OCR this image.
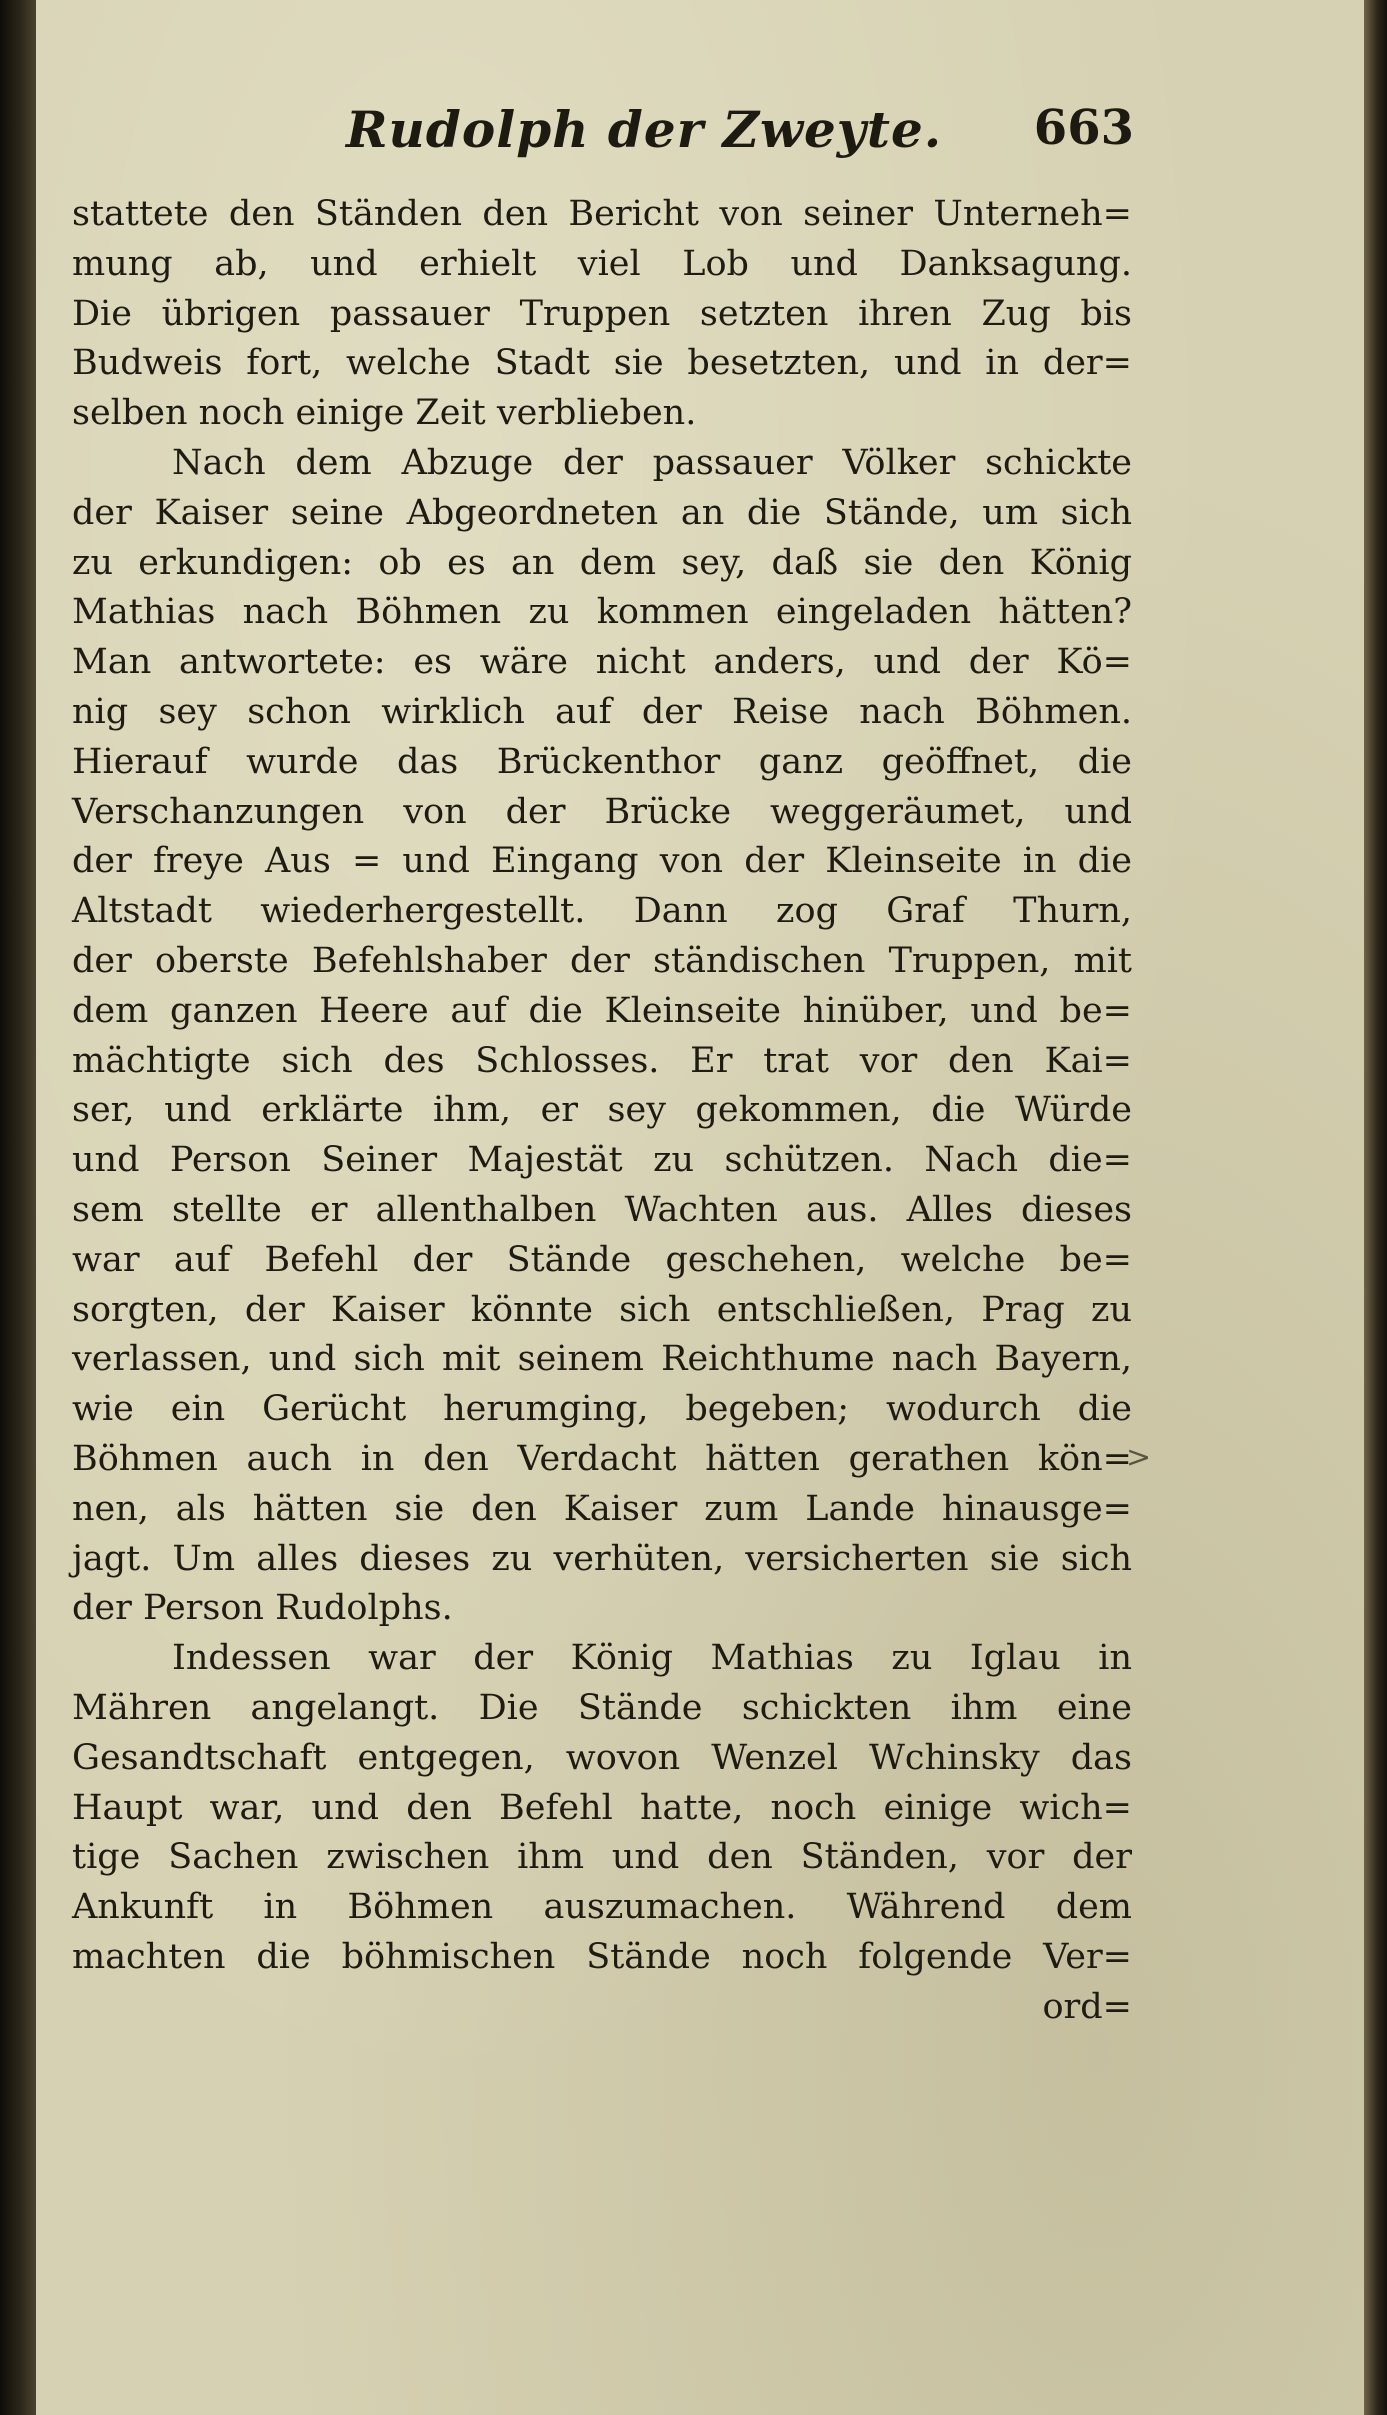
Rudolph der Zweyte. 663
stattete den Ständen den Bericht von seiner Unterneh=
mung ab, und erhielt viel Lob und Danksagung.
Die übrigen passauer Truppen setzten ihren Zug bis
Budweis fort, welche Stadt sie besetzten, und in der=
selben noch einige Zeit verblieben.
Nach dem Abzuge der passauer Völker schickte
der Kaiser seine Abgeordneten an die Stände, um sich
zu erkundigen: ob es an dem sey, daß sie den König
Mathias nach Böhmen zu kommen eingeladen hätten?
Man antwortete: es wäre nicht anders, und der Kö=
nig sey schon wirklich auf der Reise nach Böhmen.
Hierauf wurde das Brückenthor ganz geöffnet, die
Verschanzungen von der Brücke weggeräumet, und
der freye Aus = und Eingang von der Kleinseite in die
Altstadt wiederhergestellt. Dann zog Graf Thurn,
der oberste Befehlshaber der ständischen Truppen, mit
dem ganzen Heere auf die Kleinseite hinüber, und be=
mächtigte sich des Schlosses. Er trat vor den Kai=
ser, und erklärte ihm, er sey gekommen, die Würde
und Person Seiner Majestät zu schützen. Nach die=
sem stellte er allenthalben Wachten aus. Alles dieses
war auf Befehl der Stände geschehen, welche be=
sorgten, der Kaiser könnte sich entschließen, Prag zu
verlassen, und sich mit seinem Reichthume nach Bayern,
wie ein Gerücht herumging, begeben; wodurch die
Böhmen auch in den Verdacht hätten gerathen kön=
nen, als hätten sie den Kaiser zum Lande hinausge=
jagt. Um alles dieses zu verhüten, versicherten sie sich
der Person Rudolphs.
Indessen war der König Mathias zu Iglau in
Mähren angelangt. Die Stände schickten ihm eine
Gesandtschaft entgegen, wovon Wenzel Wchinsky das
Haupt war, und den Befehl hatte, noch einige wich=
tige Sachen zwischen ihm und den Ständen, vor der
Ankunft in Böhmen auszumachen. Während dem
machten die böhmischen Stände noch folgende Ver=
ord=
>
